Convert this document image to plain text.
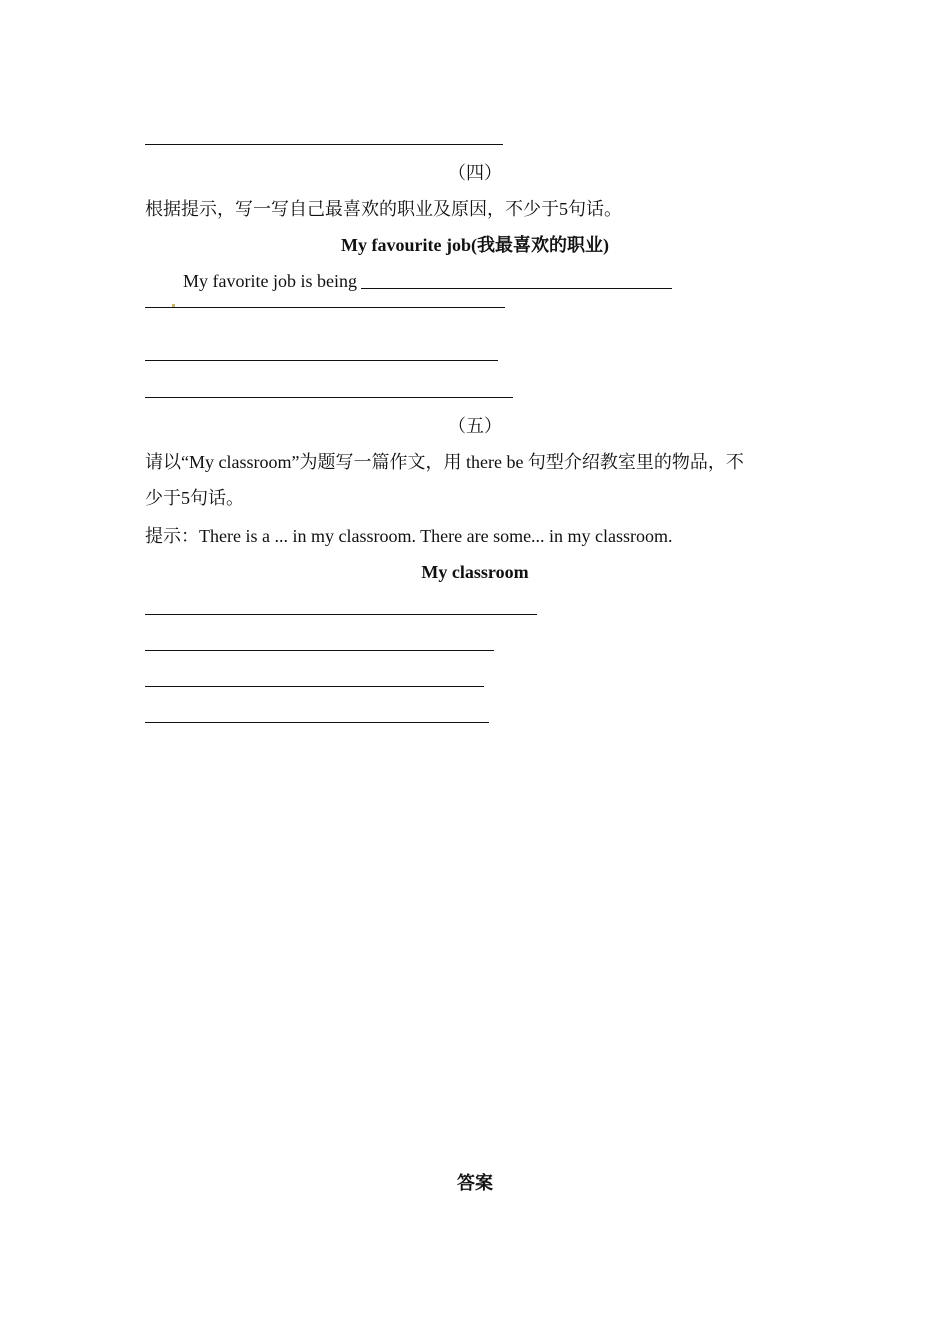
（四）
根据提示，写一写自己最喜欢的职业及原因，不少于5句话。
My favourite job(我最喜欢的职业)
My favorite job is being
（五）
请以“My classroom”为题写一篇作文，用 there be 句型介绍教室里的物品，不
少于5句话。
提示：There is a ... in my classroom. There are some... in my classroom.
My classroom
答案
